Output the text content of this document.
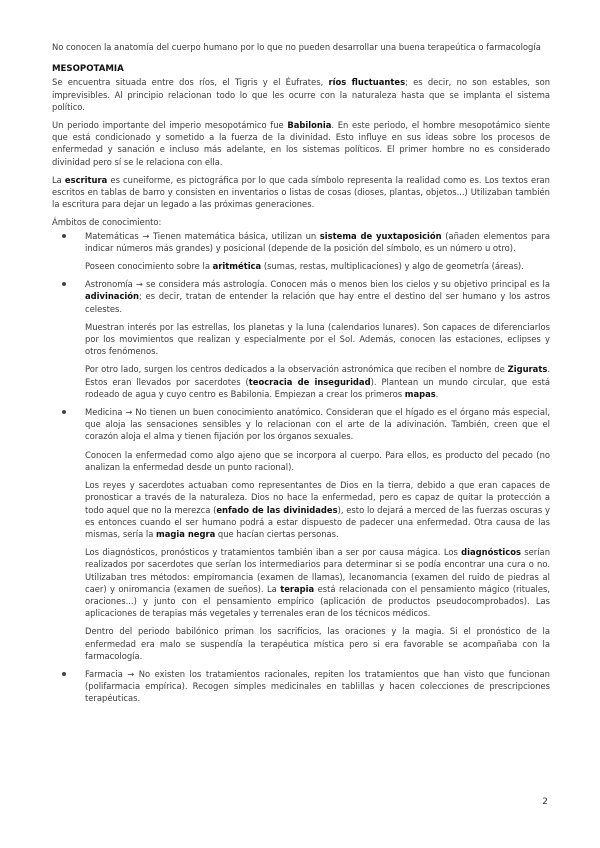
No conocen la anatomía del cuerpo humano por lo que no pueden desarrollar una buena terapeútica o farmacología

MESOPOTAMIA

Se encuentra situada entre dos ríos, el Tigris y el Éufrates, ríos fluctuantes; es decir, no son estables, son imprevisibles. Al principio relacionan todo lo que les ocurre con la naturaleza hasta que se implanta el sistema político.

Un periodo importante del imperio mesopotámico fue Babilonia. En este periodo, el hombre mesopotámico siente que está condicionado y sometido a la fuerza de la divinidad. Esto influye en sus ideas sobre los procesos de enfermedad y sanación e incluso más adelante, en los sistemas políticos. El primer hombre no es considerado divinidad pero sí se le relaciona con ella.

La escritura es cuneiforme, es pictográfica por lo que cada símbolo representa la realidad como es. Los textos eran escritos en tablas de barro y consisten en inventarios o listas de cosas (dioses, plantas, objetos...) Utilizaban también la escritura para dejar un legado a las próximas generaciones.

Ámbitos de conocimiento:

Matemáticas → Tienen matemática básica, utilizan un sistema de yuxtaposición (añaden elementos para indicar números más grandes) y posicional (depende de la posición del símbolo, es un número u otro).

Poseen conocimiento sobre la aritmética (sumas, restas, multiplicaciones) y algo de geometría (áreas).

Astronomía → se considera más astrología. Conocen más o menos bien los cielos y su objetivo principal es la adivinación; es decir, tratan de entender la relación que hay entre el destino del ser humano y los astros celestes.

Muestran interés por las estrellas, los planetas y la luna (calendarios lunares). Son capaces de diferenciarlos por los movimientos que realizan y especialmente por el Sol. Además, conocen las estaciones, eclipses y otros fenómenos.

Por otro lado, surgen los centros dedicados a la observación astronómica que reciben el nombre de Zigurats. Estos eran llevados por sacerdotes (teocracia de inseguridad). Plantean un mundo circular, que está rodeado de agua y cuyo centro es Babilonia. Empiezan a crear los primeros mapas.

Medicina → No tienen un buen conocimiento anatómico. Consideran que el hígado es el órgano más especial, que aloja las sensaciones sensibles y lo relacionan con el arte de la adivinación. También, creen que el corazón aloja el alma y tienen fijación por los órganos sexuales.

Conocen la enfermedad como algo ajeno que se incorpora al cuerpo. Para ellos, es producto del pecado (no analizan la enfermedad desde un punto racional).

Los reyes y sacerdotes actuaban como representantes de Dios en la tierra, debido a que eran capaces de pronosticar a través de la naturaleza. Dios no hace la enfermedad, pero es capaz de quitar la protección a todo aquel que no la merezca (enfado de las divinidades), esto lo dejará a merced de las fuerzas oscuras y es entonces cuando el ser humano podrá a estar dispuesto de padecer una enfermedad. Otra causa de las mismas, sería la magia negra que hacían ciertas personas.

Los diagnósticos, pronósticos y tratamientos también iban a ser por causa mágica. Los diagnósticos serían realizados por sacerdotes que serían los intermediarios para determinar si se podía encontrar una cura o no. Utilizaban tres métodos: empiromancia (examen de llamas), lecanomancia (examen del ruido de piedras al caer) y oniromancia (examen de sueños). La terapia está relacionada con el pensamiento mágico (rituales, oraciones...) y junto con el pensamiento empírico (aplicación de productos pseudocomprobados). Las aplicaciones de terapias más vegetales y terrenales eran de los técnicos médicos.

Dentro del periodo babilónico priman los sacrificios, las oraciones y la magia. Si el pronóstico de la enfermedad era malo se suspendía la terapéutica mística pero si era favorable se acompañaba con la farmacología.

Farmacia → No existen los tratamientos racionales, repiten los tratamientos que han visto que funcionan (polifarmacia empírica). Recogen simples medicinales en tablillas y hacen colecciones de prescripciones terapéuticas.

2
